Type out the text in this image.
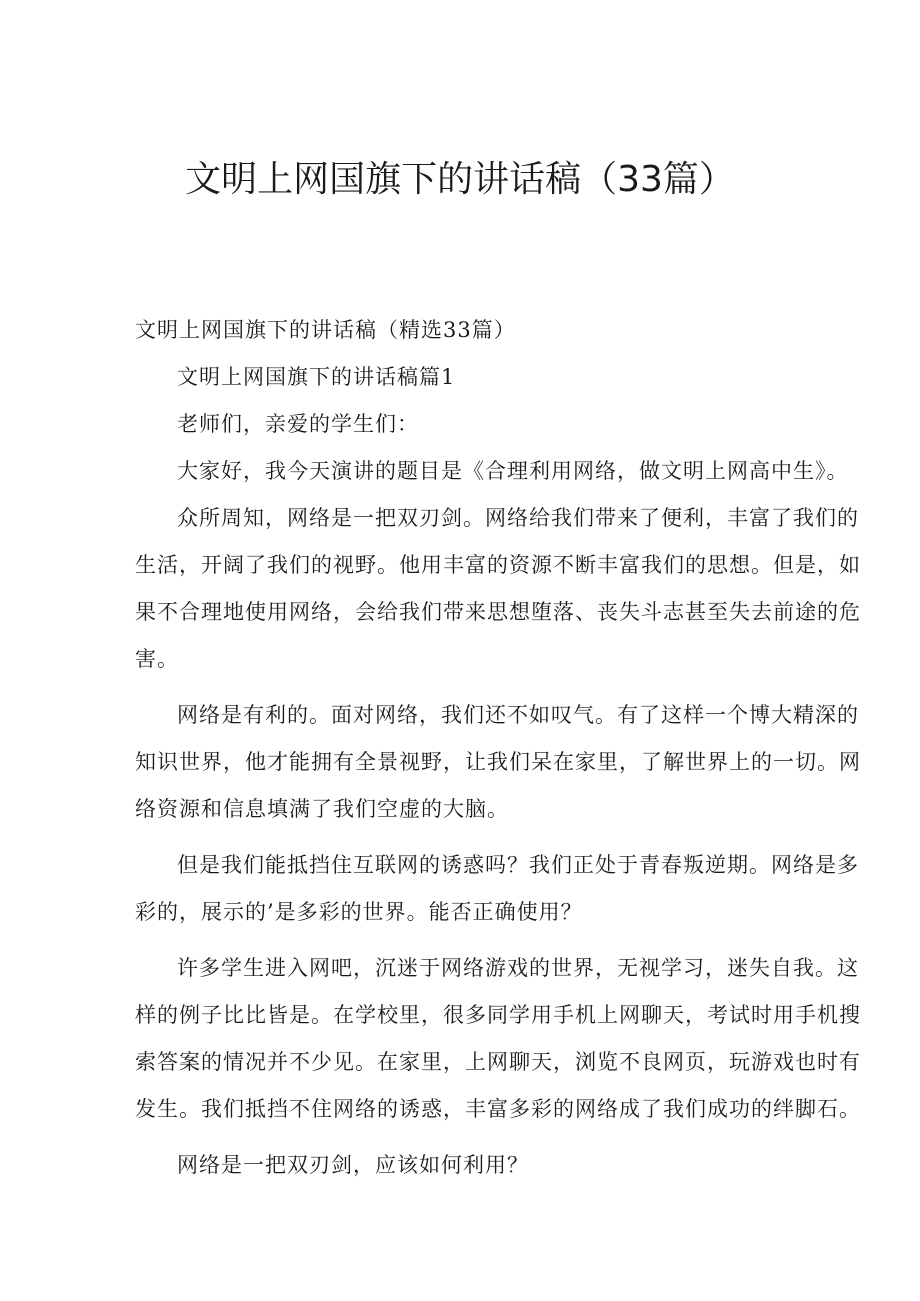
文明上网国旗下的讲话稿（33篇）
文明上网国旗下的讲话稿（精选33篇）
文明上网国旗下的讲话稿篇1
老师们，亲爱的学生们：
大家好，我今天演讲的题目是《合理利用网络，做文明上网高中生》。
众所周知，网络是一把双刃剑。网络给我们带来了便利，丰富了我们的
生活，开阔了我们的视野。他用丰富的资源不断丰富我们的思想。但是，如
果不合理地使用网络，会给我们带来思想堕落、丧失斗志甚至失去前途的危
害。
网络是有利的。面对网络，我们还不如叹气。有了这样一个博大精深的
知识世界，他才能拥有全景视野，让我们呆在家里，了解世界上的一切。网
络资源和信息填满了我们空虚的大脑。
但是我们能抵挡住互联网的诱惑吗？我们正处于青春叛逆期。网络是多
彩的，展示的’是多彩的世界。能否正确使用？
许多学生进入网吧，沉迷于网络游戏的世界，无视学习，迷失自我。这
样的例子比比皆是。在学校里，很多同学用手机上网聊天，考试时用手机搜
索答案的情况并不少见。在家里，上网聊天，浏览不良网页，玩游戏也时有
发生。我们抵挡不住网络的诱惑，丰富多彩的网络成了我们成功的绊脚石。
网络是一把双刃剑，应该如何利用？
